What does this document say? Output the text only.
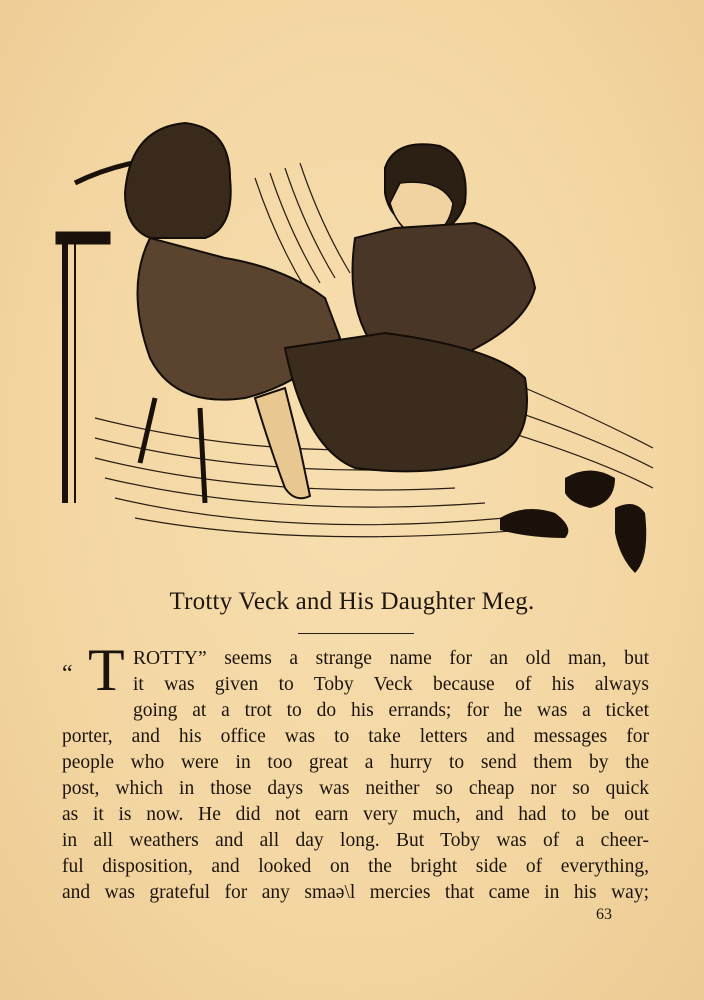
Trotty Veck and His Daughter Meg.
“ T ROTTY” seems a strange name for an old man, but
it was given to Toby Veck because of his always
going at a trot to do his errands; for he was a ticket
porter, and his office was to take letters and messages for
people who were in too great a hurry to send them by the
post, which in those days was neither so cheap nor so quick
as it is now. He did not earn very much, and had to be out
in all weathers and all day long. But Toby was of a cheer-
ful disposition, and looked on the bright side of everything,
and was grateful for any smaə\l mercies that came in his way;
63
